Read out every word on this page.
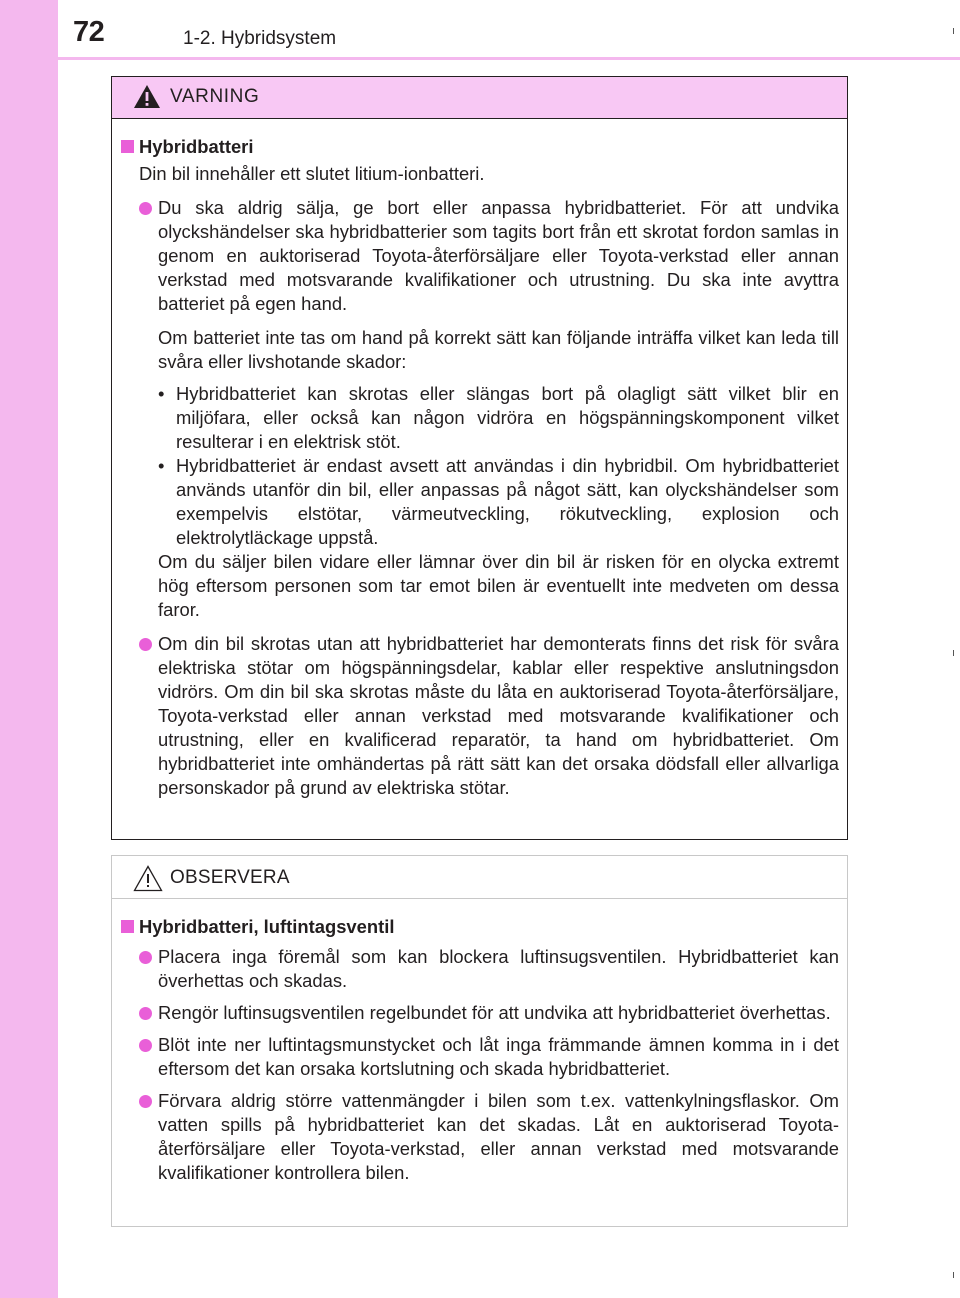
72	1-2. Hybridsystem
VARNING
Hybridbatteri
Din bil innehåller ett slutet litium-ionbatteri.
Du ska aldrig sälja, ge bort eller anpassa hybridbatteriet. För att undvika olyckshändelser ska hybridbatterier som tagits bort från ett skrotat fordon samlas in genom en auktoriserad Toyota-återförsäljare eller Toyota-verkstad eller annan verkstad med motsvarande kvalifikationer och utrustning. Du ska inte avyttra batteriet på egen hand.
Om batteriet inte tas om hand på korrekt sätt kan följande inträffa vilket kan leda till svåra eller livshotande skador:
• Hybridbatteriet kan skrotas eller slängas bort på olagligt sätt vilket blir en miljöfara, eller också kan någon vidröra en högspänningskomponent vilket resulterar i en elektrisk stöt.
• Hybridbatteriet är endast avsett att användas i din hybridbil. Om hybridbatteriet används utanför din bil, eller anpassas på något sätt, kan olyckshändelser som exempelvis elstötar, värmeutveckling, rökutveckling, explosion och elektrolytläckage uppstå.
Om du säljer bilen vidare eller lämnar över din bil är risken för en olycka extremt hög eftersom personen som tar emot bilen är eventuellt inte medveten om dessa faror.
Om din bil skrotas utan att hybridbatteriet har demonterats finns det risk för svåra elektriska stötar om högspänningsdelar, kablar eller respektive anslutningsdon vidrörs. Om din bil ska skrotas måste du låta en auktoriserad Toyota-återförsäljare, Toyota-verkstad eller annan verkstad med motsvarande kvalifikationer och utrustning, eller en kvalificerad reparatör, ta hand om hybridbatteriet. Om hybridbatteriet inte omhändertas på rätt sätt kan det orsaka dödsfall eller allvarliga personskador på grund av elektriska stötar.
OBSERVERA
Hybridbatteri, luftintagsventil
Placera inga föremål som kan blockera luftinsugsventilen. Hybridbatteriet kan överhettas och skadas.
Rengör luftinsugsventilen regelbundet för att undvika att hybridbatteriet överhettas.
Blöt inte ner luftintagsmunstycket och låt inga främmande ämnen komma in i det eftersom det kan orsaka kortslutning och skada hybridbatteriet.
Förvara aldrig större vattenmängder i bilen som t.ex. vattenkylningsflaskor. Om vatten spills på hybridbatteriet kan det skadas. Låt en auktoriserad Toyota-återförsäljare eller Toyota-verkstad, eller annan verkstad med motsvarande kvalifikationer kontrollera bilen.
